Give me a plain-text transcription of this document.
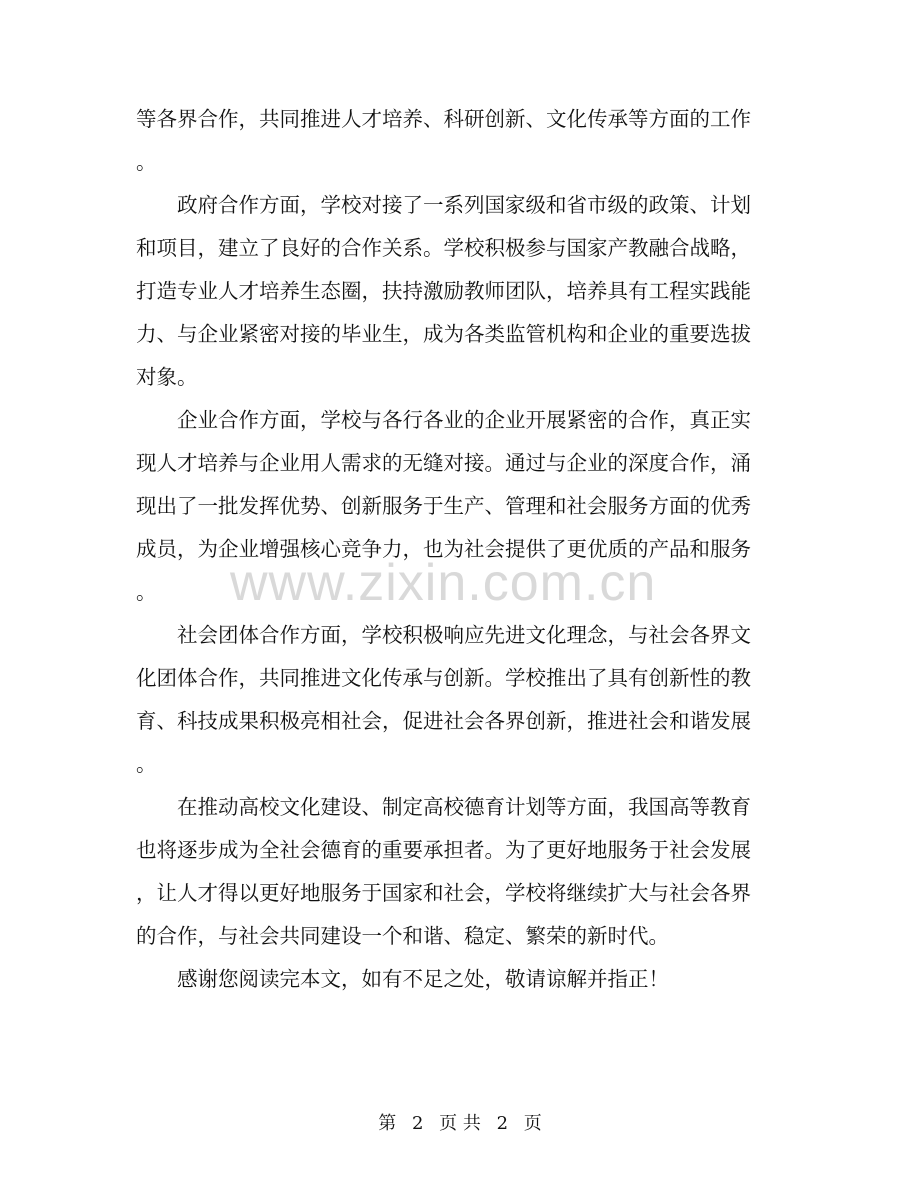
等各界合作，共同推进人才培养、科研创新、文化传承等方面的工作
。
政府合作方面，学校对接了一系列国家级和省市级的政策、计划
和项目，建立了良好的合作关系。学校积极参与国家产教融合战略，
打造专业人才培养生态圈，扶持激励教师团队，培养具有工程实践能
力、与企业紧密对接的毕业生，成为各类监管机构和企业的重要选拔
对象。
企业合作方面，学校与各行各业的企业开展紧密的合作，真正实
现人才培养与企业用人需求的无缝对接。通过与企业的深度合作，涌
现出了一批发挥优势、创新服务于生产、管理和社会服务方面的优秀
成员，为企业增强核心竞争力，也为社会提供了更优质的产品和服务
。
社会团体合作方面，学校积极响应先进文化理念，与社会各界文
化团体合作，共同推进文化传承与创新。学校推出了具有创新性的教
育、科技成果积极亮相社会，促进社会各界创新，推进社会和谐发展
。
在推动高校文化建设、制定高校德育计划等方面，我国高等教育
也将逐步成为全社会德育的重要承担者。为了更好地服务于社会发展
，让人才得以更好地服务于国家和社会，学校将继续扩大与社会各界
的合作，与社会共同建设一个和谐、稳定、繁荣的新时代。
感谢您阅读完本文，如有不足之处，敬请谅解并指正！
www.zixin.com.cn
第 2 页 共 2 页
